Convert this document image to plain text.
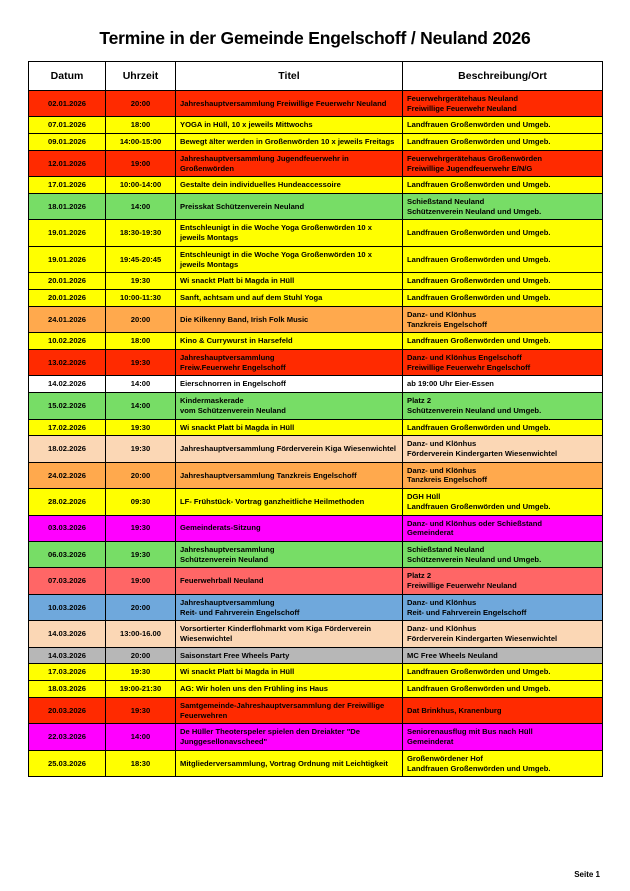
Termine in der Gemeinde Engelschoff / Neuland 2026
Datum	Uhrzeit	Titel	Beschreibung/Ort
02.01.2026	20:00	Jahreshauptversammlung Freiwillige Feuerwehr Neuland	Feuerwehrgerätehaus Neuland
Freiwillige Feuerwehr Neuland
07.01.2026	18:00	YOGA in Hüll, 10 x jeweils Mittwochs	Landfrauen Großenwörden und Umgeb.
09.01.2026	14:00-15:00	Bewegt älter werden in Großenwörden 10 x jeweils Freitags	Landfrauen Großenwörden und Umgeb.
12.01.2026	19:00	Jahreshauptversammlung Jugendfeuerwehr in Großenwörden	Feuerwehrgerätehaus Großenwörden
Freiwillige Jugendfeuerwehr E/N/G
17.01.2026	10:00-14:00	Gestalte dein individuelles Hundeaccessoire	Landfrauen Großenwörden und Umgeb.
18.01.2026	14:00	Preisskat Schützenverein Neuland	Schießstand Neuland
Schützenverein Neuland und Umgeb.
19.01.2026	18:30-19:30	Entschleunigt in die Woche Yoga Großenwörden 10 x jeweils Montags	Landfrauen Großenwörden und Umgeb.
19.01.2026	19:45-20:45	Entschleunigt in die Woche Yoga Großenwörden 10 x jeweils Montags	Landfrauen Großenwörden und Umgeb.
20.01.2026	19:30	Wi snackt Platt bi Magda in Hüll	Landfrauen Großenwörden und Umgeb.
20.01.2026	10:00-11:30	Sanft, achtsam und auf dem Stuhl Yoga	Landfrauen Großenwörden und Umgeb.
24.01.2026	20:00	Die Kilkenny Band, Irish Folk Music	Danz- und Klönhus
Tanzkreis Engelschoff
10.02.2026	18:00	Kino & Currywurst in Harsefeld	Landfrauen Großenwörden und Umgeb.
13.02.2026	19:30	Jahreshauptversammlung
Freiw.Feuerwehr Engelschoff	Danz- und Klönhus Engelschoff
Freiwillige Feuerwehr Engelschoff
14.02.2026	14:00	Eierschnorren in Engelschoff	ab 19:00 Uhr Eier-Essen
15.02.2026	14:00	Kindermaskerade
vom Schützenverein Neuland	Platz 2
Schützenverein Neuland und Umgeb.
17.02.2026	19:30	Wi snackt Platt bi Magda in Hüll	Landfrauen Großenwörden und Umgeb.
18.02.2026	19:30	Jahreshauptversammlung Förderverein Kiga Wiesenwichtel	Danz- und Klönhus
Förderverein Kindergarten Wiesenwichtel
24.02.2026	20:00	Jahreshauptversammlung Tanzkreis Engelschoff	Danz- und Klönhus
Tanzkreis Engelschoff
28.02.2026	09:30	LF- Frühstück- Vortrag ganzheitliche Heilmethoden	DGH Hüll
Landfrauen Großenwörden und Umgeb.
03.03.2026	19:30	Gemeinderats-Sitzung	Danz- und Klönhus oder Schießstand
Gemeinderat
06.03.2026	19:30	Jahreshauptversammlung
Schützenverein Neuland	Schießstand Neuland
Schützenverein Neuland und Umgeb.
07.03.2026	19:00	Feuerwehrball Neuland	Platz 2
Freiwillige Feuerwehr Neuland
10.03.2026	20:00	Jahreshauptversammlung
Reit- und Fahrverein Engelschoff	Danz- und Klönhus
Reit- und Fahrverein Engelschoff
14.03.2026	13:00-16.00	Vorsortierter Kinderflohmarkt vom Kiga Förderverein Wiesenwichtel	Danz- und Klönhus
Förderverein Kindergarten Wiesenwichtel
14.03.2026	20:00	Saisonstart Free Wheels Party	MC Free Wheels Neuland
17.03.2026	19:30	Wi snackt Platt bi Magda in Hüll	Landfrauen Großenwörden und Umgeb.
18.03.2026	19:00-21:30	AG: Wir holen uns den Frühling ins Haus	Landfrauen Großenwörden und Umgeb.
20.03.2026	19:30	Samtgemeinde-Jahreshauptversammlung der Freiwillige Feuerwehren	Dat Brinkhus, Kranenburg
22.03.2026	14:00	De Hüller Theoterspeler spielen den Dreiakter "De Junggesellonavscheed"	Seniorenausflug mit Bus nach Hüll
Gemeinderat
25.03.2026	18:30	Mitgliederversammlung, Vortrag Ordnung mit Leichtigkeit	Großenwördener Hof
Landfrauen Großenwörden und Umgeb.
Seite 1
